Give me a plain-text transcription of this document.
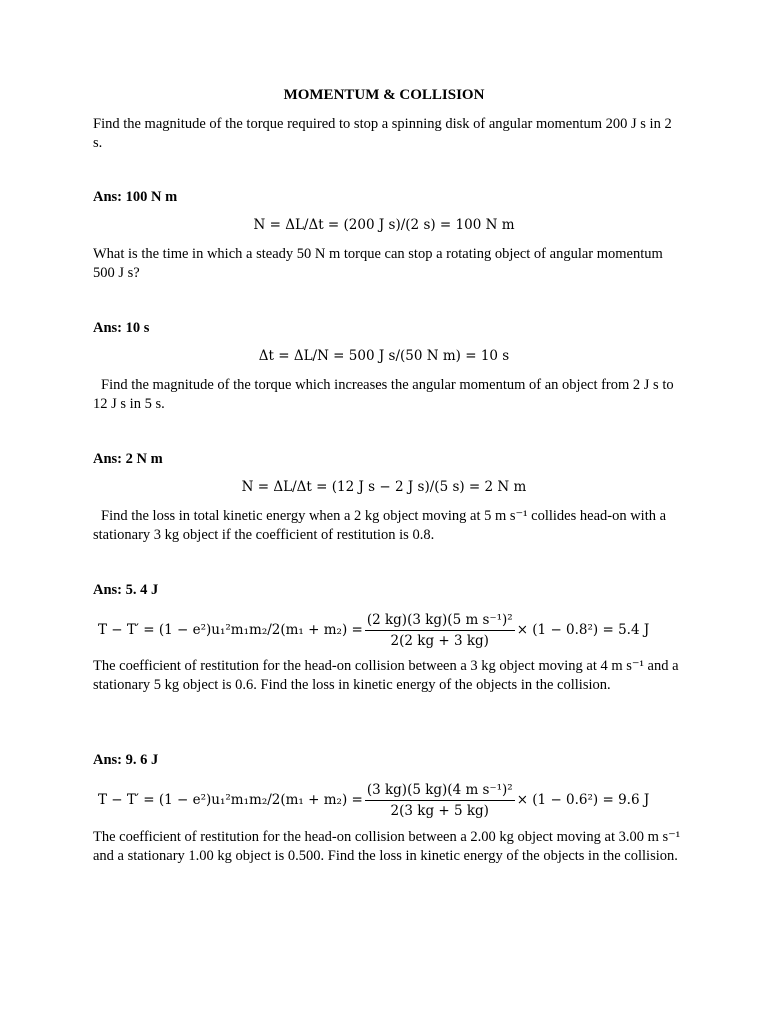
MOMENTUM & COLLISION
Find the magnitude of the torque required to stop a spinning disk of angular momentum 200 J s in 2 s.
Ans: 100 N m
N = ΔL/Δt = (200 J s)/(2 s) = 100 N m
What is the time in which a steady 50 N m torque can stop a rotating object of angular momentum 500 J s?
Ans: 10 s
Δt = ΔL/N = 500 J s/(50 N m) = 10 s
Find the magnitude of the torque which increases the angular momentum of an object from 2 J s to 12 J s in 5 s.
Ans: 2 N m
N = ΔL/Δt = (12 J s − 2 J s)/(5 s) = 2 N m
Find the loss in total kinetic energy when a 2 kg object moving at 5 m s⁻¹ collides head-on with a stationary 3 kg object if the coefficient of restitution is 0.8.
Ans: 5. 4 J
$T - T' = (1 - e^2)u_1^2m_1m_2/2(m_1 + m_2) = \frac{\text{(2 kg)(3 kg)(5 m s⁻¹)²}}{2(2 kg + 3 kg)} \times (1 - 0.8^2) = 5.4$ J
The coefficient of restitution for the head-on collision between a 3 kg object moving at 4 m s⁻¹ and a stationary 5 kg object is 0.6. Find the loss in kinetic energy of the objects in the collision.
Ans: 9. 6 J
$T - T' = (1 - e^2)u_1^2m_1m_2/2(m_1 + m_2) = \frac{\text{(3 kg)(5 kg)(4 m s⁻¹)²}}{2(3 kg + 5 kg)} \times (1 - 0.6^2) = 9.6$ J
The coefficient of restitution for the head-on collision between a 2.00 kg object moving at 3.00 m s⁻¹ and a stationary 1.00 kg object is 0.500. Find the loss in kinetic energy of the objects in the collision.
